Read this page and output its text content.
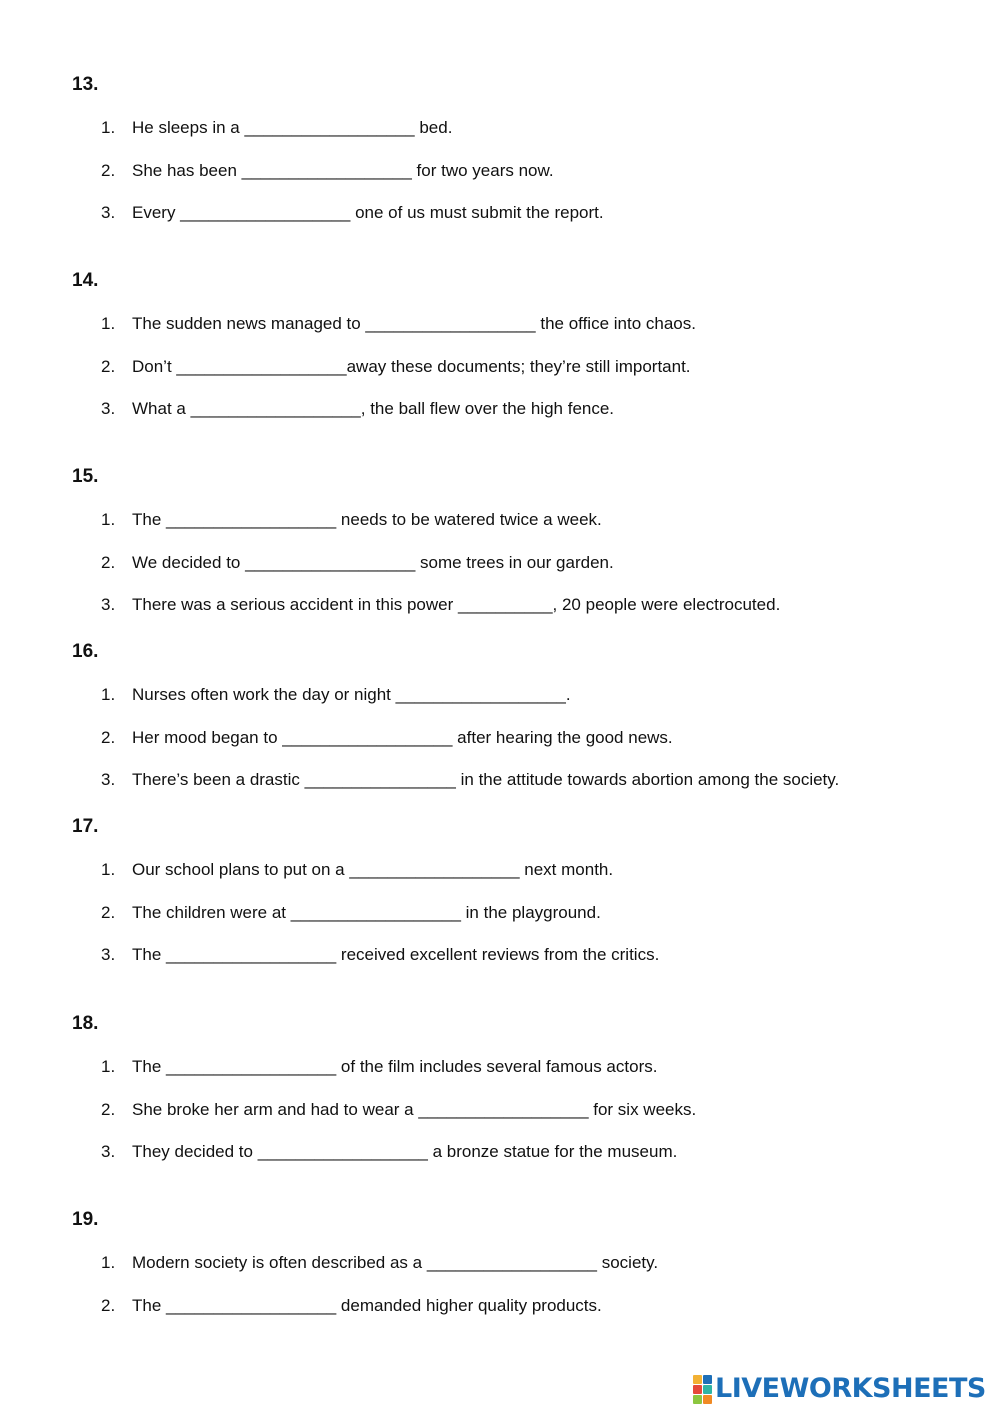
13.
1. He sleeps in a __________________ bed.
2. She has been __________________ for two years now.
3. Every __________________ one of us must submit the report.
14.
1. The sudden news managed to __________________ the office into chaos.
2. Don’t __________________away these documents; they’re still important.
3. What a __________________, the ball flew over the high fence.
15.
1. The __________________ needs to be watered twice a week.
2. We decided to __________________ some trees in our garden.
3. There was a serious accident in this power __________, 20 people were electrocuted.
16.
1. Nurses often work the day or night __________________.
2. Her mood began to __________________ after hearing the good news.
3. There’s been a drastic ________________ in the attitude towards abortion among the society.
17.
1. Our school plans to put on a __________________ next month.
2. The children were at __________________ in the playground.
3. The __________________ received excellent reviews from the critics.
18.
1. The __________________ of the film includes several famous actors.
2. She broke her arm and had to wear a __________________ for six weeks.
3. They decided to __________________ a bronze statue for the museum.
19.
1. Modern society is often described as a __________________ society.
2. The __________________ demanded higher quality products.
LIVEWORKSHEETS
